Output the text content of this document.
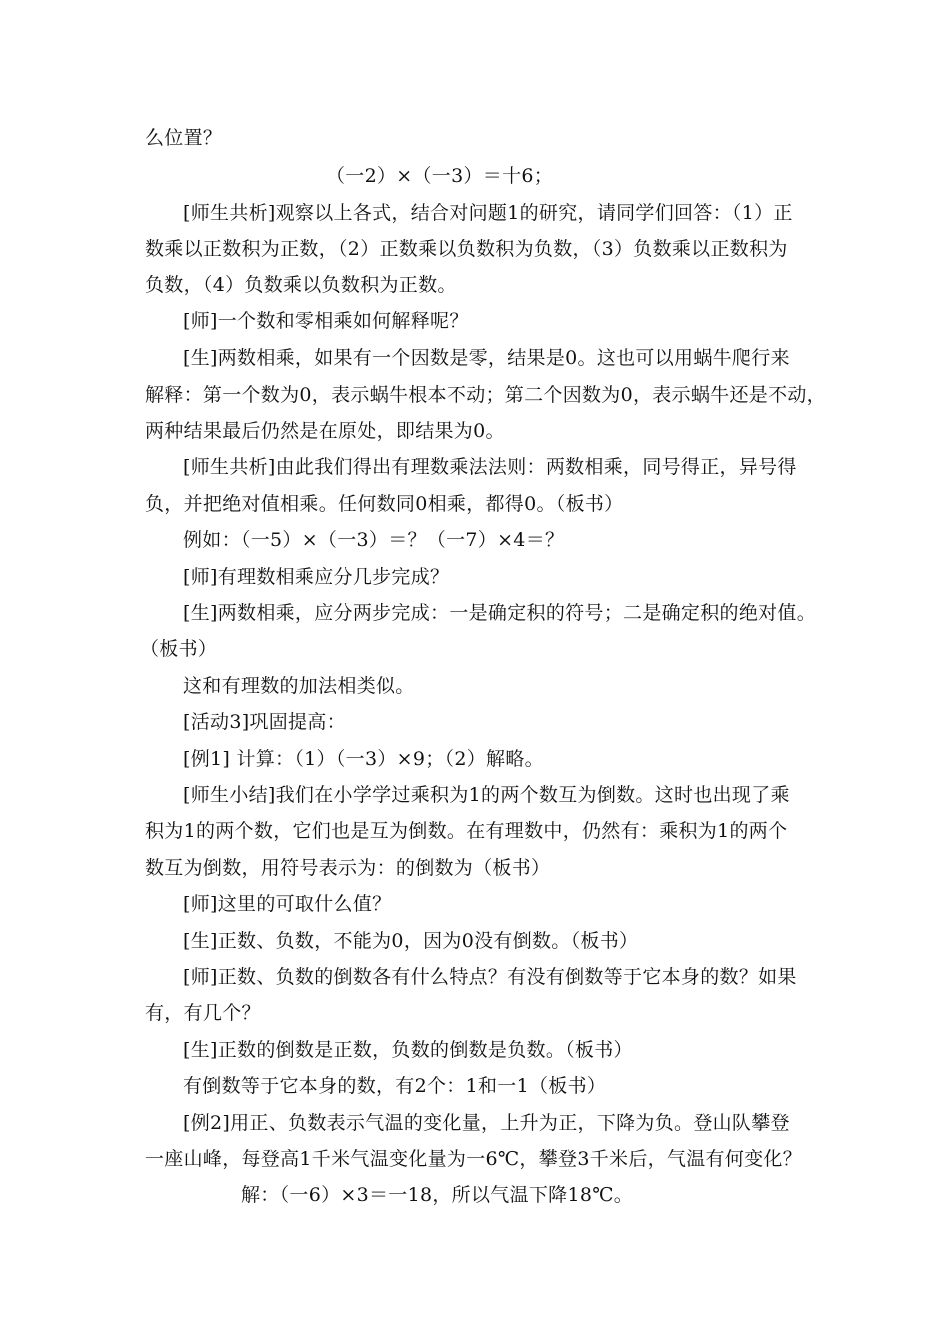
么位置？
（一2）×（一3）＝十6；
[师生共析]观察以上各式，结合对问题1的研究，请同学们回答：（1）正
数乘以正数积为正数，（2）正数乘以负数积为负数，（3）负数乘以正数积为
负数，（4）负数乘以负数积为正数。
[师]一个数和零相乘如何解释呢？
[生]两数相乘，如果有一个因数是零，结果是0。这也可以用蜗牛爬行来
解释：第一个数为0，表示蜗牛根本不动；第二个因数为0，表示蜗牛还是不动，
两种结果最后仍然是在原处，即结果为0。
[师生共析]由此我们得出有理数乘法法则：两数相乘，同号得正，异号得
负，并把绝对值相乘。任何数同0相乘，都得0。（板书）
例如：（一5）×（一3）＝？（一7）×4＝？
[师]有理数相乘应分几步完成？
[生]两数相乘，应分两步完成：一是确定积的符号；二是确定积的绝对值。
（板书）
这和有理数的加法相类似。
[活动3]巩固提高：
[例1] 计算：（1）（一3）×9；（2）解略。
[师生小结]我们在小学学过乘积为1的两个数互为倒数。这时也出现了乘
积为1的两个数，它们也是互为倒数。在有理数中，仍然有：乘积为1的两个
数互为倒数，用符号表示为：的倒数为（板书）
[师]这里的可取什么值？
[生]正数、负数，不能为0，因为0没有倒数。（板书）
[师]正数、负数的倒数各有什么特点？有没有倒数等于它本身的数？如果
有，有几个？
[生]正数的倒数是正数，负数的倒数是负数。（板书）
有倒数等于它本身的数，有2个：1和一1（板书）
[例2]用正、负数表示气温的变化量，上升为正，下降为负。登山队攀登
一座山峰，每登高1千米气温变化量为一6℃，攀登3千米后，气温有何变化？
解：（一6）×3＝一18，所以气温下降18℃。
